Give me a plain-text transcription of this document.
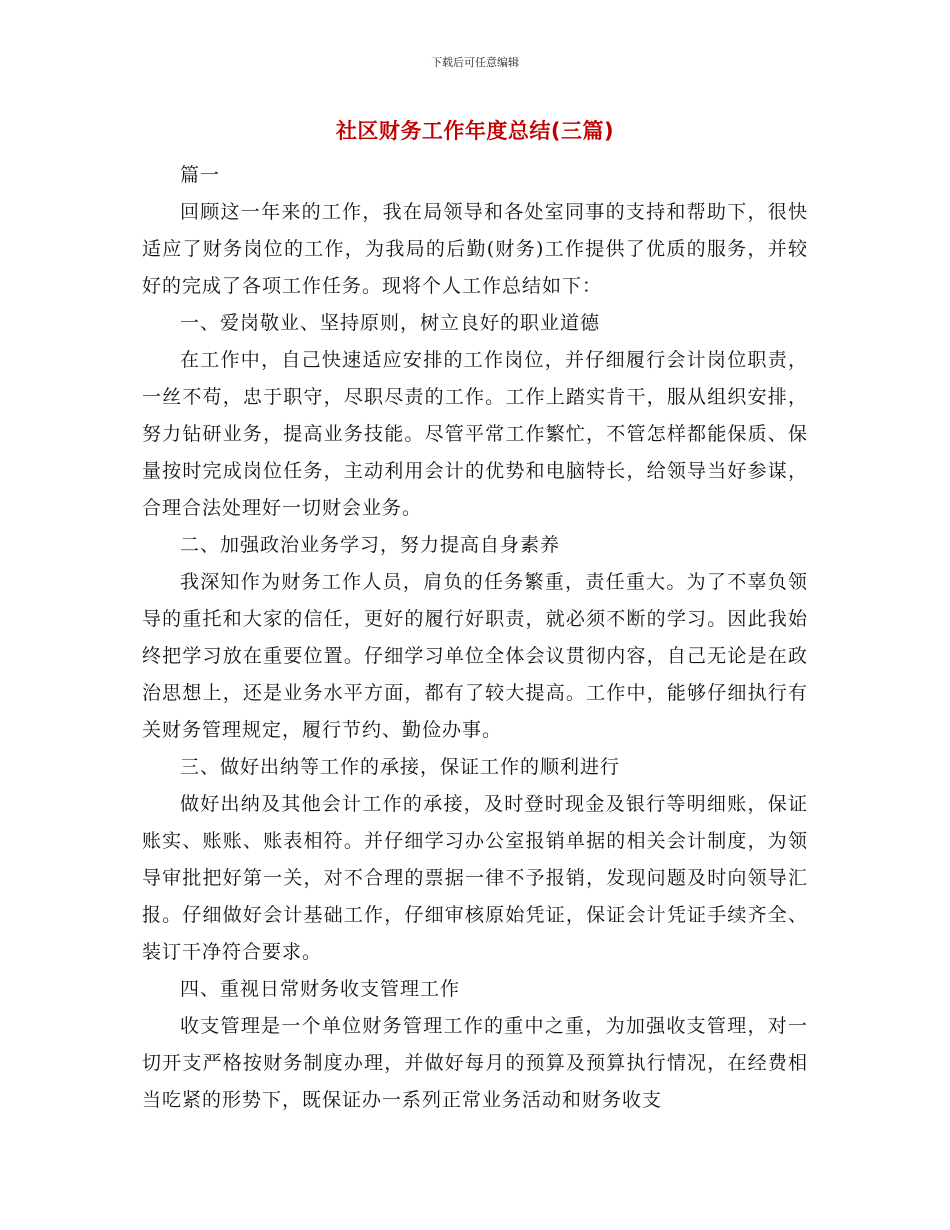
下载后可任意编辑
社区财务工作年度总结(三篇)

篇一

回顾这一年来的工作，我在局领导和各处室同事的支持和帮助下，很快适应了财务岗位的工作，为我局的后勤(财务)工作提供了优质的服务，并较好的完成了各项工作任务。现将个人工作总结如下：

一、爱岗敬业、坚持原则，树立良好的职业道德

在工作中，自己快速适应安排的工作岗位，并仔细履行会计岗位职责，一丝不苟，忠于职守，尽职尽责的工作。工作上踏实肯干，服从组织安排，努力钻研业务，提高业务技能。尽管平常工作繁忙，不管怎样都能保质、保量按时完成岗位任务，主动利用会计的优势和电脑特长，给领导当好参谋，合理合法处理好一切财会业务。

二、加强政治业务学习，努力提高自身素养

我深知作为财务工作人员，肩负的任务繁重，责任重大。为了不辜负领导的重托和大家的信任，更好的履行好职责，就必须不断的学习。因此我始终把学习放在重要位置。仔细学习单位全体会议贯彻内容，自己无论是在政治思想上，还是业务水平方面，都有了较大提高。工作中，能够仔细执行有关财务管理规定，履行节约、勤俭办事。

三、做好出纳等工作的承接，保证工作的顺利进行

做好出纳及其他会计工作的承接，及时登时现金及银行等明细账，保证账实、账账、账表相符。并仔细学习办公室报销单据的相关会计制度，为领导审批把好第一关，对不合理的票据一律不予报销，发现问题及时向领导汇报。仔细做好会计基础工作，仔细审核原始凭证，保证会计凭证手续齐全、装订干净符合要求。

四、重视日常财务收支管理工作

收支管理是一个单位财务管理工作的重中之重，为加强收支管理，对一切开支严格按财务制度办理，并做好每月的预算及预算执行情况，在经费相当吃紧的形势下，既保证办一系列正常业务活动和财务收支
